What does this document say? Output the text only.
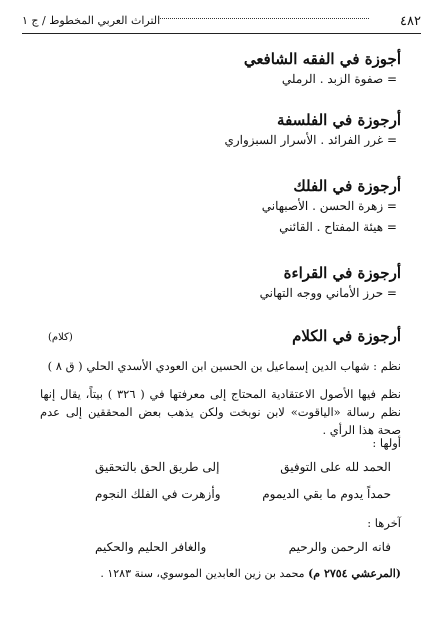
٤٨٢
التراث العربي المخطوط / ج ١
أجوزة في الفقه الشافعي
= صفوة الزبد . الرملي
أرجوزة في الفلسفة
= غرر الفرائد . الأسرار السبزواري
أرجوزة في الفلك
= زهرة الحسن . الأصبهاني
= هيئة المفتاح . القائني
أرجوزة في القراءة
= حرز الأماني ووجه التهاني
أرجوزة في الكلام
(كلام)
نظم : شهاب الدين إسماعيل بن الحسين ابن العودي الأسدي الحلي ( ق ٨ )
نظم فيها الأصول الاعتقادية المحتاج إلى معرفتها في ( ٣٢٦ ) بيتاً، يقال إنها نظم رسالة «الياقوت» لابن نوبخت ولكن يذهب بعض المحققين إلى عدم صحة هذا الرأي .
أولها :
الحمد لله على التوفيق
إلى طريق الحق بالتحقيق
حمداً يدوم ما بقي الديموم
وأزهرت في الفلك النجوم
آخرها :
فانه الرحمن والرحيم
والغافر الحليم والحكيم
(المرعشي ٢٧٥٤ م) محمد بن زين العابدين الموسوي، سنة ١٢٨٣ .
